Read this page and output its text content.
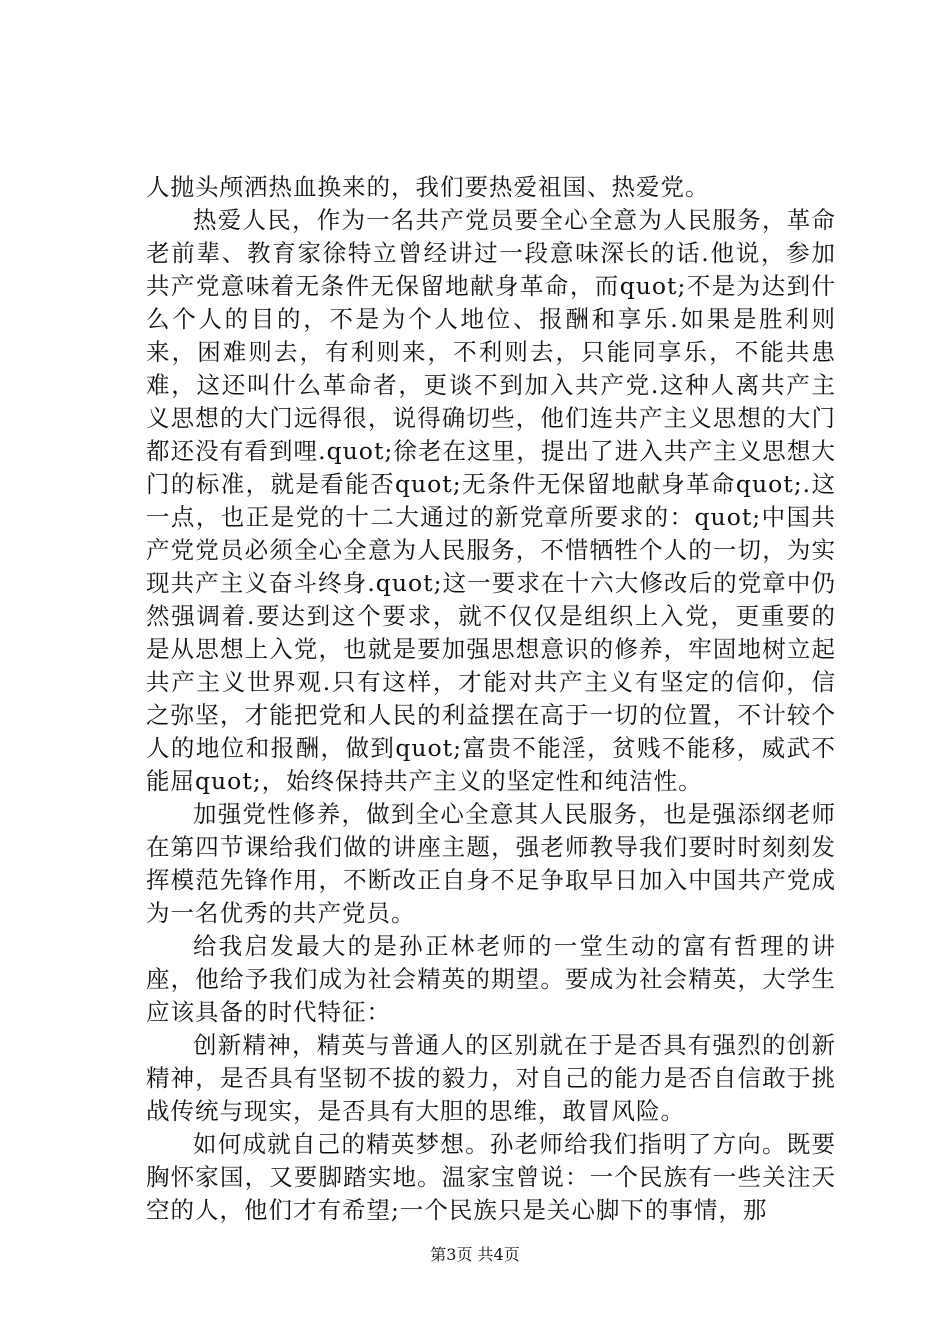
人抛头颅洒热血换来的，我们要热爱祖国、热爱党。

热爱人民，作为一名共产党员要全心全意为人民服务，革命老前辈、教育家徐特立曾经讲过一段意味深长的话.他说，参加共产党意味着无条件无保留地献身革命，而quot;不是为达到什么个人的目的，不是为个人地位、报酬和享乐.如果是胜利则来，困难则去，有利则来，不利则去，只能同享乐，不能共患难，这还叫什么革命者，更谈不到加入共产党.这种人离共产主义思想的大门远得很，说得确切些，他们连共产主义思想的大门都还没有看到哩.quot;徐老在这里，提出了进入共产主义思想大门的标准，就是看能否quot;无条件无保留地献身革命quot;.这一点，也正是党的十二大通过的新党章所要求的：quot;中国共产党党员必须全心全意为人民服务，不惜牺牲个人的一切，为实现共产主义奋斗终身.quot;这一要求在十六大修改后的党章中仍然强调着.要达到这个要求，就不仅仅是组织上入党，更重要的是从思想上入党，也就是要加强思想意识的修养，牢固地树立起共产主义世界观.只有这样，才能对共产主义有坚定的信仰，信之弥坚，才能把党和人民的利益摆在高于一切的位置，不计较个人的地位和报酬，做到quot;富贵不能淫，贫贱不能移，威武不能屈quot;，始终保持共产主义的坚定性和纯洁性。

加强党性修养，做到全心全意其人民服务，也是强添纲老师在第四节课给我们做的讲座主题，强老师教导我们要时时刻刻发挥模范先锋作用，不断改正自身不足争取早日加入中国共产党成为一名优秀的共产党员。

给我启发最大的是孙正林老师的一堂生动的富有哲理的讲座，他给予我们成为社会精英的期望。要成为社会精英，大学生应该具备的时代特征：

创新精神，精英与普通人的区别就在于是否具有强烈的创新精神，是否具有坚韧不拔的毅力，对自己的能力是否自信敢于挑战传统与现实，是否具有大胆的思维，敢冒风险。

如何成就自己的精英梦想。孙老师给我们指明了方向。既要胸怀家国，又要脚踏实地。温家宝曾说：一个民族有一些关注天空的人，他们才有希望;一个民族只是关心脚下的事情，那

第3页 共4页
